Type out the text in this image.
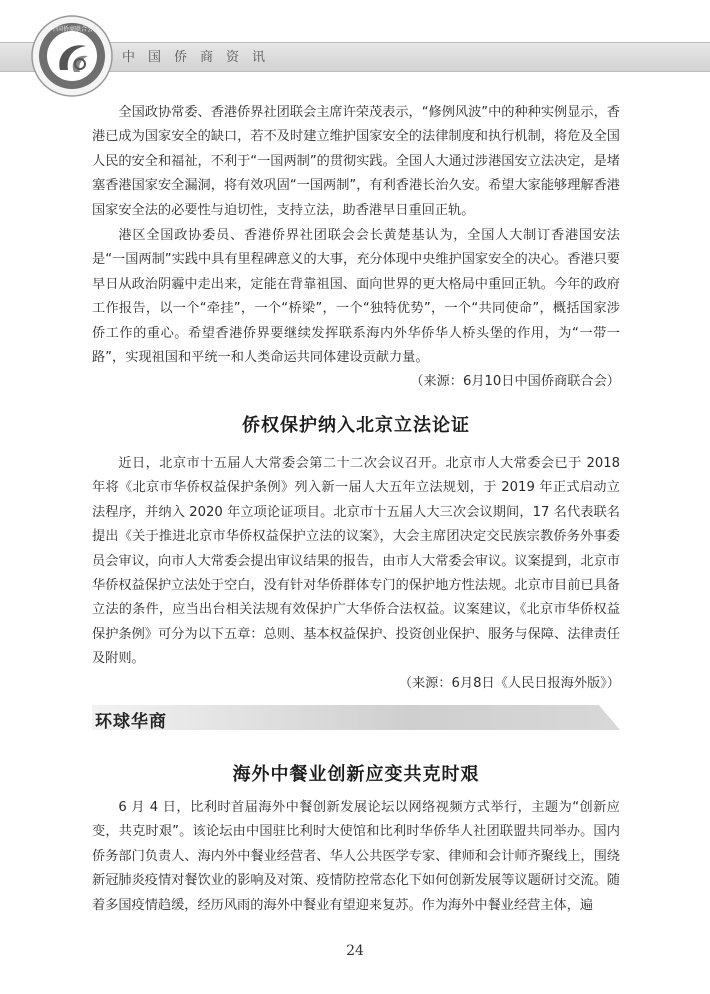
中国侨商联合会
中国侨商资讯

全国政协常委、香港侨界社团联会主席许荣茂表示，“修例风波”中的种种实例显示，香港已成为国家安全的缺口，若不及时建立维护国家安全的法律制度和执行机制，将危及全国人民的安全和福祉，不利于“一国两制”的贯彻实践。全国人大通过涉港国安立法决定，是堵塞香港国家安全漏洞，将有效巩固“一国两制”，有利香港长治久安。希望大家能够理解香港国家安全法的必要性与迫切性，支持立法，助香港早日重回正轨。

港区全国政协委员、香港侨界社团联会会长黄楚基认为，全国人大制订香港国安法是“一国两制”实践中具有里程碑意义的大事，充分体现中央维护国家安全的决心。香港只要早日从政治阴霾中走出来，定能在背靠祖国、面向世界的更大格局中重回正轨。今年的政府工作报告，以一个“牵挂”，一个“桥梁”，一个“独特优势”，一个“共同使命”，概括国家涉侨工作的重心。希望香港侨界要继续发挥联系海内外华侨华人桥头堡的作用，为“一带一路”，实现祖国和平统一和人类命运共同体建设贡献力量。
（来源：6月10日中国侨商联合会）

侨权保护纳入北京立法论证

近日，北京市十五届人大常委会第二十二次会议召开。北京市人大常委会已于 2018 年将《北京市华侨权益保护条例》列入新一届人大五年立法规划，于 2019 年正式启动立法程序，并纳入 2020 年立项论证项目。北京市十五届人大三次会议期间，17 名代表联名提出《关于推进北京市华侨权益保护立法的议案》，大会主席团决定交民族宗教侨务外事委员会审议，向市人大常委会提出审议结果的报告，由市人大常委会审议。议案提到，北京市华侨权益保护立法处于空白，没有针对华侨群体专门的保护地方性法规。北京市目前已具备立法的条件，应当出台相关法规有效保护广大华侨合法权益。议案建议，《北京市华侨权益保护条例》可分为以下五章：总则、基本权益保护、投资创业保护、服务与保障、法律责任及附则。
（来源：6月8日《人民日报海外版》）

环球华商
海外中餐业创新应变共克时艰

6 月 4 日，比利时首届海外中餐创新发展论坛以网络视频方式举行，主题为“创新应变，共克时艰”。该论坛由中国驻比利时大使馆和比利时华侨华人社团联盟共同举办。国内侨务部门负责人、海内外中餐业经营者、华人公共医学专家、律师和会计师齐聚线上，围绕新冠肺炎疫情对餐饮业的影响及对策、疫情防控常态化下如何创新发展等议题研讨交流。随着多国疫情趋缓，经历风雨的海外中餐业有望迎来复苏。作为海外中餐业经营主体，遍

24
